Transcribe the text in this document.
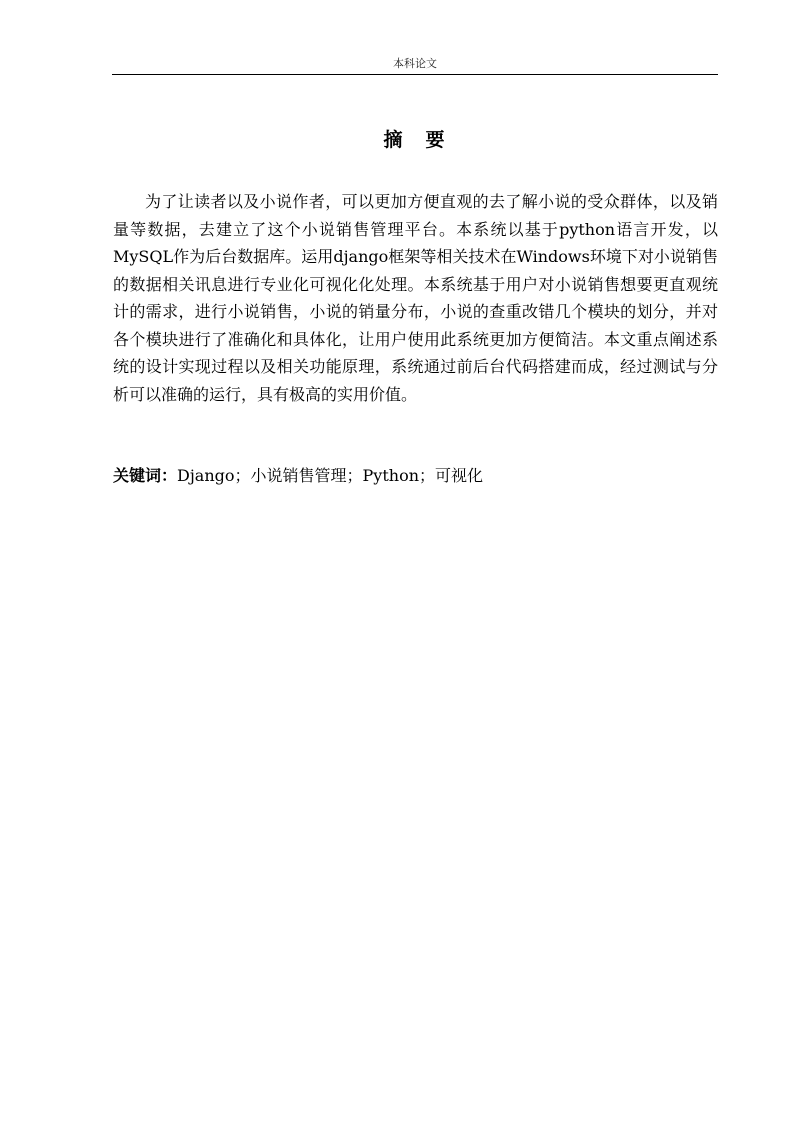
本科论文
摘　要

为了让读者以及小说作者，可以更加方便直观的去了解小说的受众群体，以及销量等数据，去建立了这个小说销售管理平台。本系统以基于python语言开发，以MySQL作为后台数据库。运用django框架等相关技术在Windows环境下对小说销售的数据相关讯息进行专业化可视化化处理。本系统基于用户对小说销售想要更直观统计的需求，进行小说销售，小说的销量分布，小说的查重改错几个模块的划分，并对各个模块进行了准确化和具体化，让用户使用此系统更加方便简洁。本文重点阐述系统的设计实现过程以及相关功能原理，系统通过前后台代码搭建而成，经过测试与分析可以准确的运行，具有极高的实用价值。

关键词：Django；小说销售管理；Python；可视化
